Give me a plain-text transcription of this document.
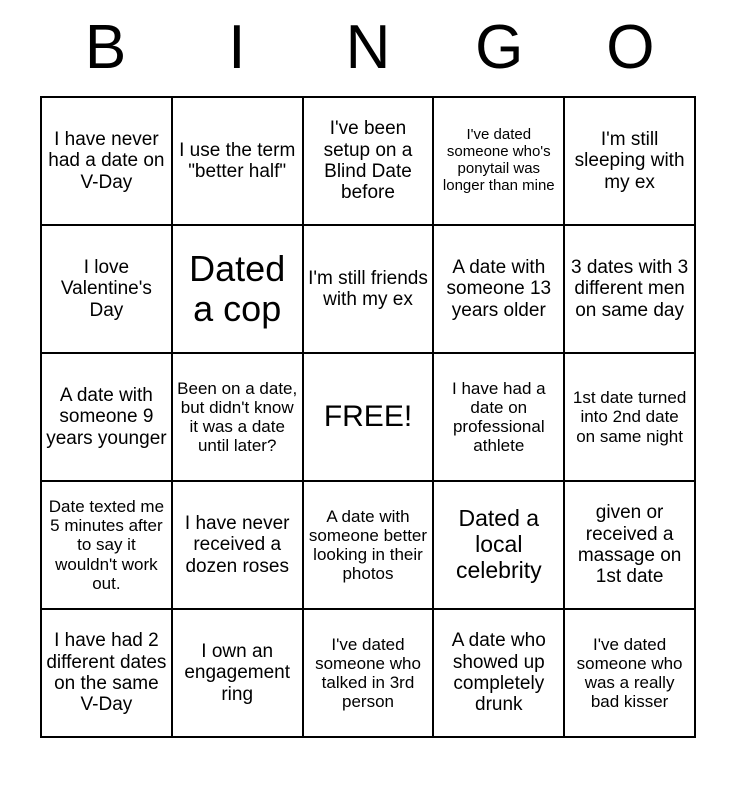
B	I	N	G	O
I have never had a date on V-Day	I use the term "better half"	I've been setup on a Blind Date before	I've dated someone who's ponytail was longer than mine	I'm still sleeping with my ex

I love Valentine's Day	Dated a cop	I'm still friends with my ex	A date with someone 13 years older	3 dates with 3 different men on same day

A date with someone 9 years younger	Been on a date, but didn't know it was a date until later?	FREE!	I have had a date on professional athlete	1st date turned into 2nd date on same night

Date texted me 5 minutes after to say it wouldn't work out.	I have never received a dozen roses	A date with someone better looking in their photos	Dated a local celebrity	given or received a massage on 1st date

I have had 2 different dates on the same V-Day	I own an engagement ring	I've dated someone who talked in 3rd person	A date who showed up completely drunk	I've dated someone who was a really bad kisser
